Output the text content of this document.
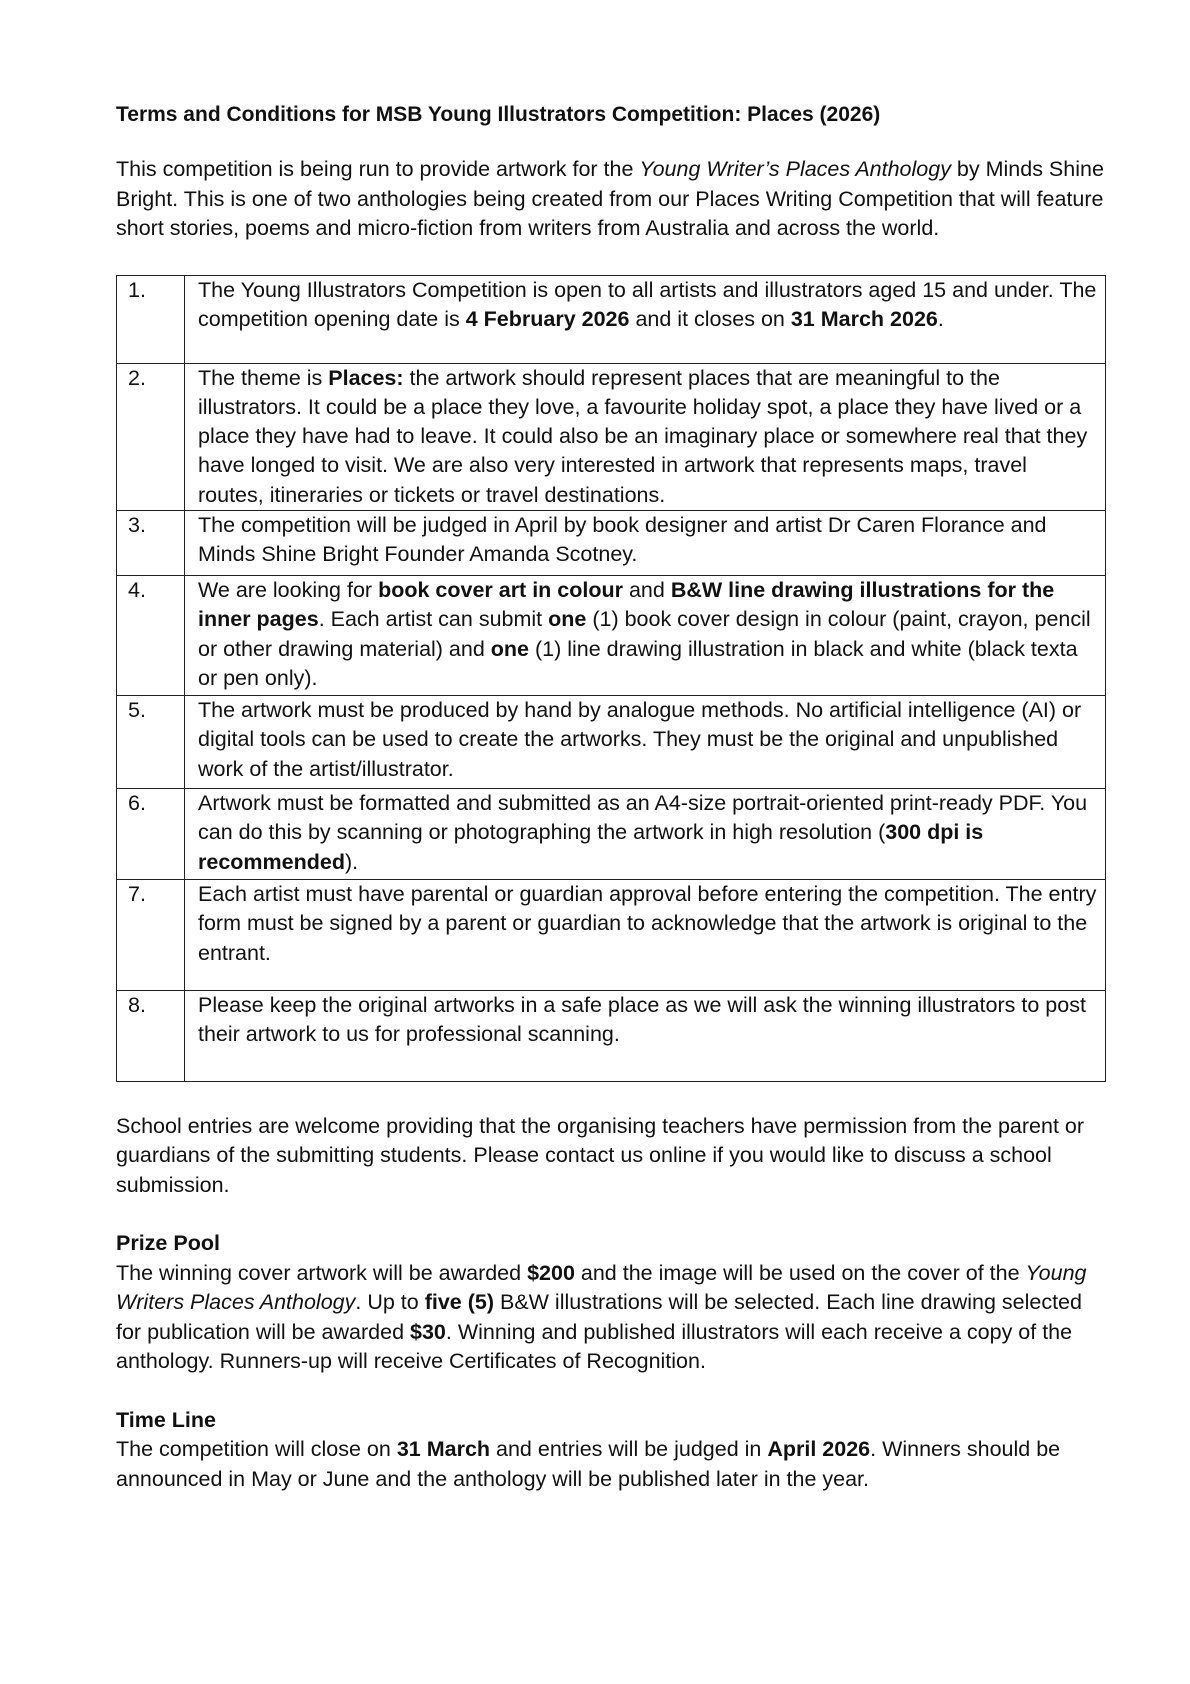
Terms and Conditions for MSB Young Illustrators Competition: Places (2026)

This competition is being run to provide artwork for the Young Writer’s Places Anthology by Minds Shine Bright. This is one of two anthologies being created from our Places Writing Competition that will feature short stories, poems and micro-fiction from writers from Australia and across the world.

1.	The Young Illustrators Competition is open to all artists and illustrators aged 15 and under. The competition opening date is 4 February 2026 and it closes on 31 March 2026.
2.	The theme is Places: the artwork should represent places that are meaningful to the illustrators. It could be a place they love, a favourite holiday spot, a place they have lived or a place they have had to leave. It could also be an imaginary place or somewhere real that they have longed to visit. We are also very interested in artwork that represents maps, travel routes, itineraries or tickets or travel destinations.
3.	The competition will be judged in April by book designer and artist Dr Caren Florance and Minds Shine Bright Founder Amanda Scotney.
4.	We are looking for book cover art in colour and B&W line drawing illustrations for the inner pages. Each artist can submit one (1) book cover design in colour (paint, crayon, pencil or other drawing material) and one (1) line drawing illustration in black and white (black texta or pen only).
5.	The artwork must be produced by hand by analogue methods. No artificial intelligence (AI) or digital tools can be used to create the artworks. They must be the original and unpublished work of the artist/illustrator.
6.	Artwork must be formatted and submitted as an A4-size portrait-oriented print-ready PDF. You can do this by scanning or photographing the artwork in high resolution (300 dpi is recommended).
7.	Each artist must have parental or guardian approval before entering the competition. The entry form must be signed by a parent or guardian to acknowledge that the artwork is original to the entrant.
8.	Please keep the original artworks in a safe place as we will ask the winning illustrators to post their artwork to us for professional scanning.

School entries are welcome providing that the organising teachers have permission from the parent or guardians of the submitting students. Please contact us online if you would like to discuss a school submission.

Prize Pool

The winning cover artwork will be awarded $200 and the image will be used on the cover of the Young Writers Places Anthology. Up to five (5) B&W illustrations will be selected. Each line drawing selected for publication will be awarded $30. Winning and published illustrators will each receive a copy of the anthology. Runners-up will receive Certificates of Recognition.

Time Line

The competition will close on 31 March and entries will be judged in April 2026. Winners should be announced in May or June and the anthology will be published later in the year.
